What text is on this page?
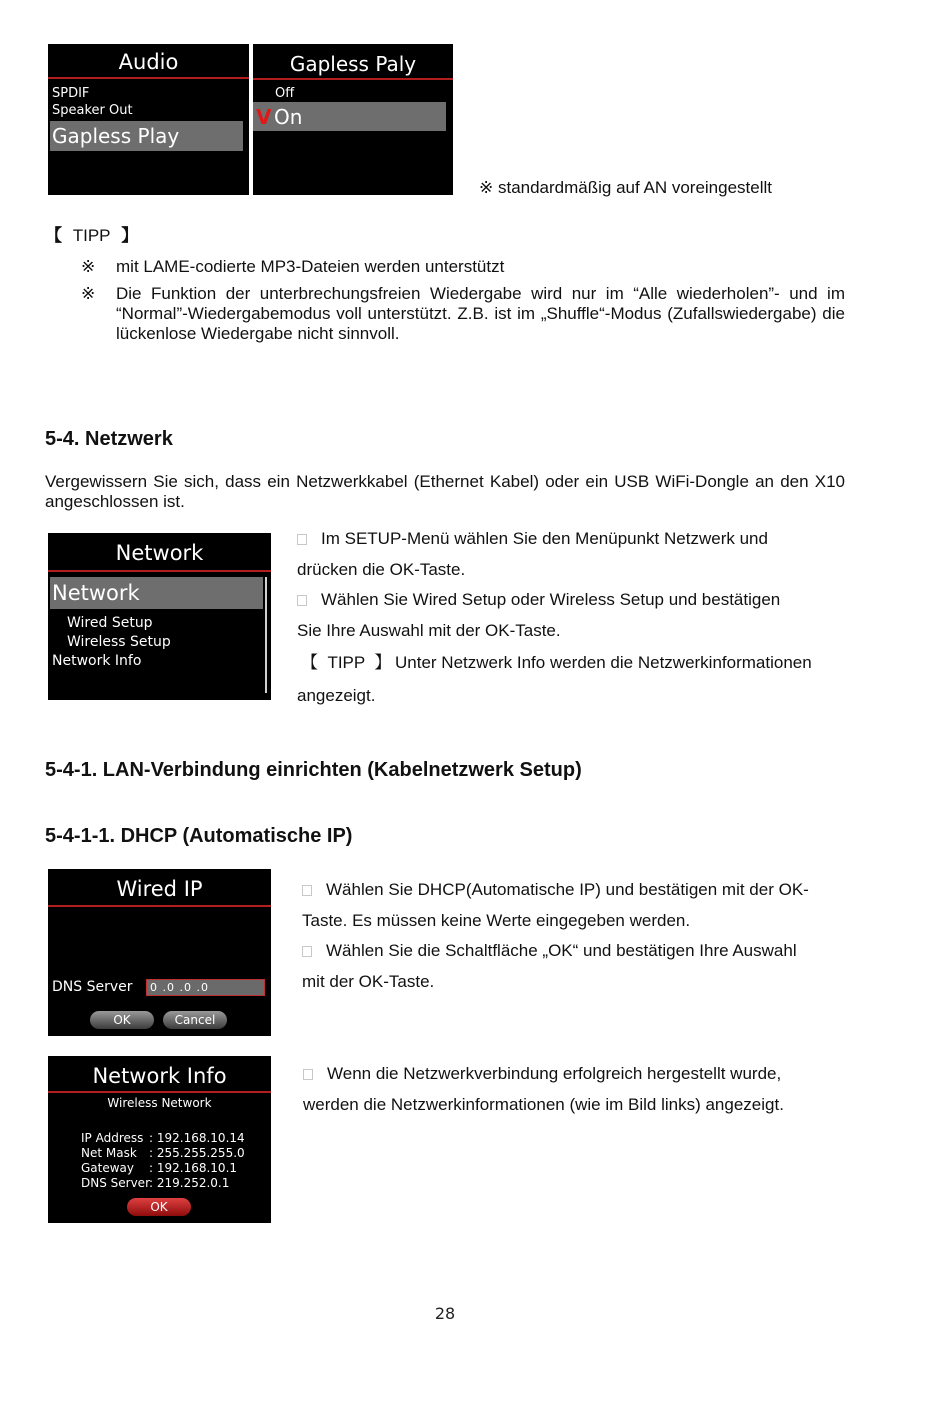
Audio
SPDIF
Speaker Out
Gapless Play
Gapless Paly
Off
V On
※ standardmäßig auf AN voreingestellt
【 TIPP 】
※ mit LAME-codierte MP3-Dateien werden unterstützt
※ Die Funktion der unterbrechungsfreien Wiedergabe wird nur im “Alle wiederholen”- und im “Normal”-Wiedergabemodus voll unterstützt. Z.B. ist im „Shuffle“-Modus (Zufallswiedergabe) die lückenlose Wiedergabe nicht sinnvoll.
5-4. Netzwerk
Vergewissern Sie sich, dass ein Netzwerkkabel (Ethernet Kabel) oder ein USB WiFi-Dongle an den X10 angeschlossen ist.
Network
Network
Wired Setup
Wireless Setup
Network Info
Im SETUP-Menü wählen Sie den Menüpunkt Netzwerk und
drücken die OK-Taste.
Wählen Sie Wired Setup oder Wireless Setup und bestätigen
Sie Ihre Auswahl mit der OK-Taste.
【  TIPP  】 Unter Netzwerk Info werden die Netzwerkinformationen
angezeigt.
5-4-1. LAN-Verbindung einrichten (Kabelnetzwerk Setup)
5-4-1-1. DHCP (Automatische IP)
Wired IP
DNS Server 0 .0 .0 .0
OK	Cancel
Wählen Sie DHCP(Automatische IP) und bestätigen mit der OK-
Taste. Es müssen keine Werte eingegeben werden.
Wählen Sie die Schaltfläche „OK“ und bestätigen Ihre Auswahl
mit der OK-Taste.
Network Info
Wireless Network
IP Address : 192.168.10.14
Net Mask : 255.255.255.0
Gateway : 192.168.10.1
DNS Server: 219.252.0.1
OK
Wenn die Netzwerkverbindung erfolgreich hergestellt wurde,
werden die Netzwerkinformationen (wie im Bild links) angezeigt.
28
